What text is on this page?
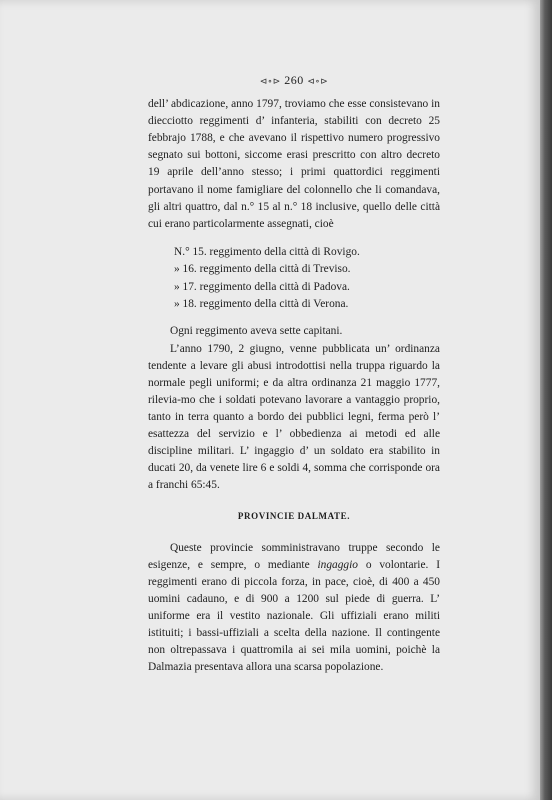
⊲∘⊳ 260 ⊲∘⊳

dell’ abdicazione, anno 1797, troviamo che esse consistevano in diecciotto reggimenti d’ infanteria, stabiliti con decreto 25 febbrajo 1788, e che avevano il rispettivo numero progressivo segnato sui bottoni, siccome erasi prescritto con altro decreto 19 aprile dell’anno stesso; i primi quattordici reggimenti portavano il nome famigliare del colonnello che li comandava, gli altri quattro, dal n.° 15 al n.° 18 inclusive, quello delle città cui erano particolarmente assegnati, cioè

N.° 15. reggimento della città di Rovigo.
» 16. reggimento della città di Treviso.
» 17. reggimento della città di Padova.
» 18. reggimento della città di Verona.

Ogni reggimento aveva sette capitani.

L’anno 1790, 2 giugno, venne pubblicata un’ ordinanza tendente a levare gli abusi introdottisi nella truppa riguardo la normale pegli uniformi; e da altra ordinanza 21 maggio 1777, rilevia-mo che i soldati potevano lavorare a vantaggio proprio, tanto in terra quanto a bordo dei pubblici legni, ferma però l’ esattezza del servizio e l’ obbedienza ai metodi ed alle discipline militari. L’ ingaggio d’ un soldato era stabilito in ducati 20, da venete lire 6 e soldi 4, somma che corrisponde ora a franchi 65:45.

PROVINCIE DALMATE.

Queste provincie somministravano truppe secondo le esigenze, e sempre, o mediante ingaggio o volontarie. I reggimenti erano di piccola forza, in pace, cioè, di 400 a 450 uomini cadauno, e di 900 a 1200 sul piede di guerra. L’ uniforme era il vestito nazionale. Gli uffiziali erano militi istituiti; i bassi-uffiziali a scelta della nazione. Il contingente non oltrepassava i quattromila ai sei mila uomini, poichè la Dalmazia presentava allora una scarsa popolazione.
